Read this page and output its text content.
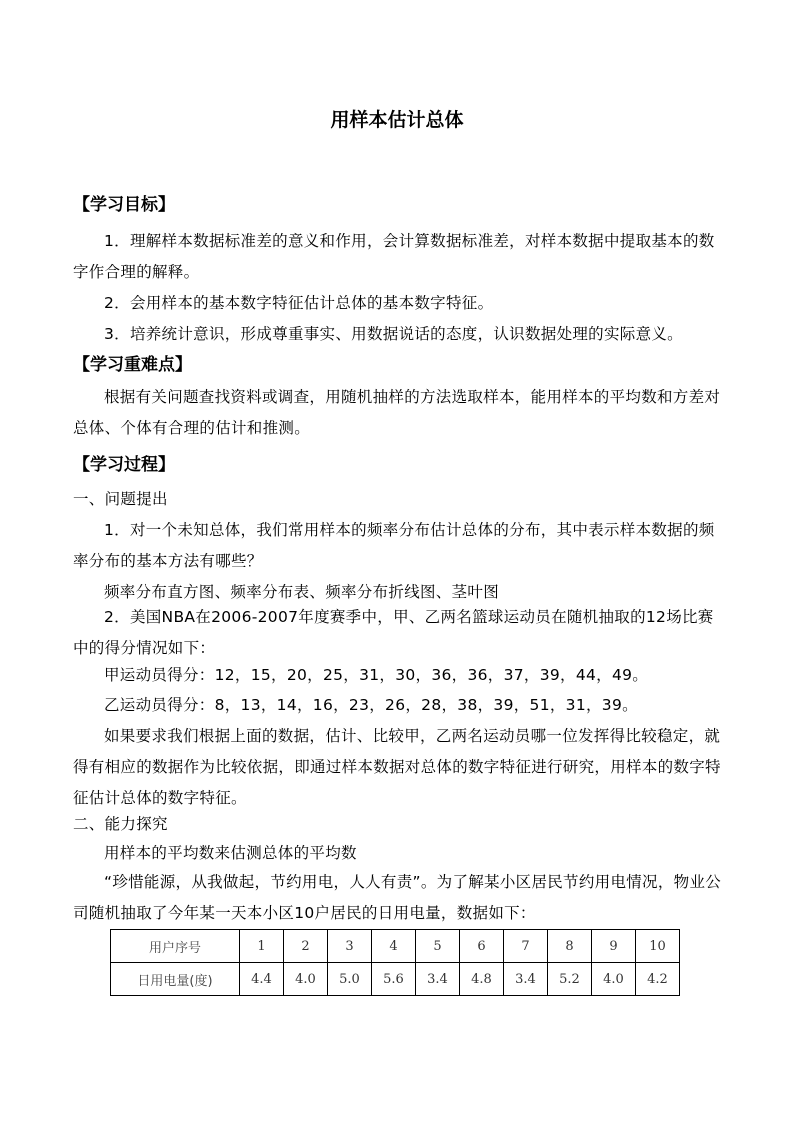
用样本估计总体
【学习目标】

1．理解样本数据标准差的意义和作用，会计算数据标准差，对样本数据中提取基本的数字作合理的解释。

2．会用样本的基本数字特征估计总体的基本数字特征。

3．培养统计意识，形成尊重事实、用数据说话的态度，认识数据处理的实际意义。

【学习重难点】

根据有关问题查找资料或调查，用随机抽样的方法选取样本，能用样本的平均数和方差对总体、个体有合理的估计和推测。

【学习过程】
一、问题提出

1．对一个未知总体，我们常用样本的频率分布估计总体的分布，其中表示样本数据的频率分布的基本方法有哪些？

频率分布直方图、频率分布表、频率分布折线图、茎叶图

2．美国NBA在2006-2007年度赛季中，甲、乙两名篮球运动员在随机抽取的12场比赛中的得分情况如下：

甲运动员得分：12，15，20，25，31，30，36，36，37，39，44，49。
乙运动员得分：8，13，14，16，23，26，28，38，39，51，31，39。

如果要求我们根据上面的数据，估计、比较甲，乙两名运动员哪一位发挥得比较稳定，就得有相应的数据作为比较依据，即通过样本数据对总体的数字特征进行研究，用样本的数字特征估计总体的数字特征。

二、能力探究
用样本的平均数来估测总体的平均数

“珍惜能源，从我做起，节约用电，人人有责”。为了解某小区居民节约用电情况，物业公司随机抽取了今年某一天本小区10户居民的日用电量，数据如下：

用户序号	1	2	3	4	5	6	7	8	9	10
日用电量(度)	4.4	4.0	5.0	5.6	3.4	4.8	3.4	5.2	4.0	4.2
